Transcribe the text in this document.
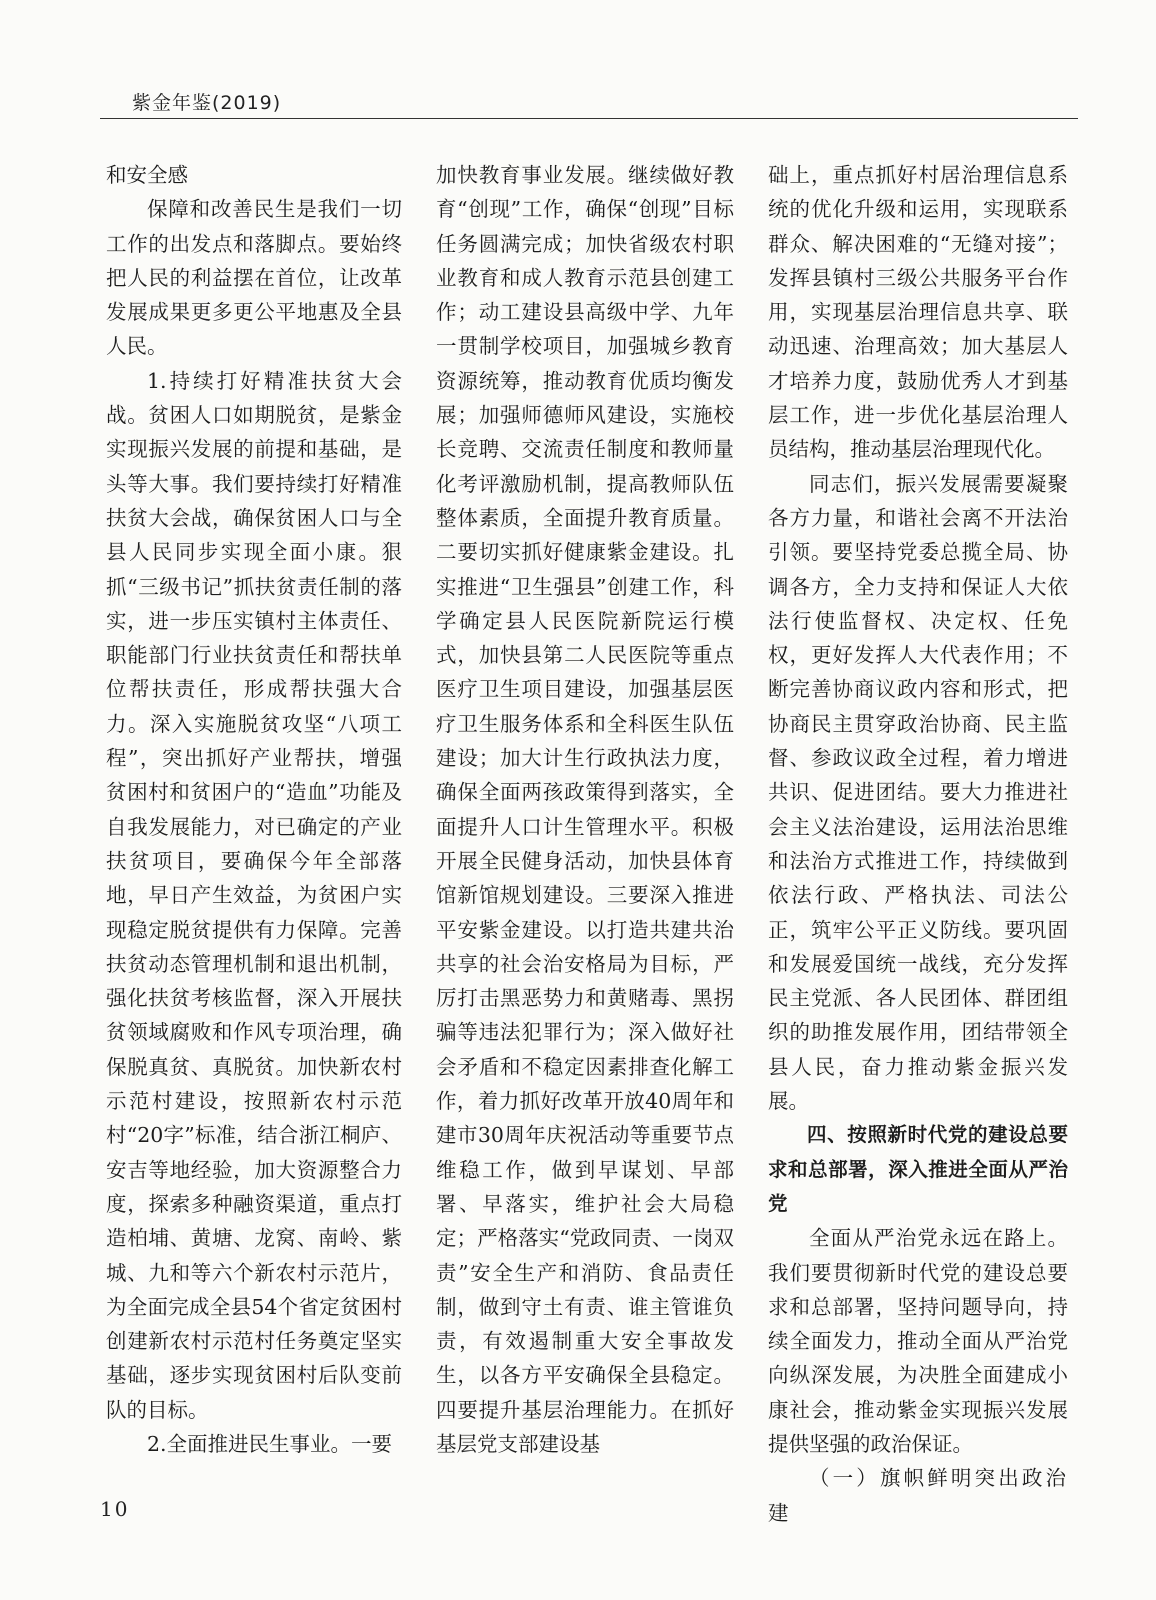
紫金年鉴(2019)

和安全感

保障和改善民生是我们一切工作的出发点和落脚点。要始终把人民的利益摆在首位，让改革发展成果更多更公平地惠及全县人民。

1.持续打好精准扶贫大会战。贫困人口如期脱贫，是紫金实现振兴发展的前提和基础，是头等大事。我们要持续打好精准扶贫大会战，确保贫困人口与全县人民同步实现全面小康。狠抓“三级书记”抓扶贫责任制的落实，进一步压实镇村主体责任、职能部门行业扶贫责任和帮扶单位帮扶责任，形成帮扶强大合力。深入实施脱贫攻坚“八项工程”，突出抓好产业帮扶，增强贫困村和贫困户的“造血”功能及自我发展能力，对已确定的产业扶贫项目，要确保今年全部落地，早日产生效益，为贫困户实现稳定脱贫提供有力保障。完善扶贫动态管理机制和退出机制，强化扶贫考核监督，深入开展扶贫领域腐败和作风专项治理，确保脱真贫、真脱贫。加快新农村示范村建设，按照新农村示范村“20字”标准，结合浙江桐庐、安吉等地经验，加大资源整合力度，探索多种融资渠道，重点打造柏埔、黄塘、龙窝、南岭、紫城、九和等六个新农村示范片，为全面完成全县54个省定贫困村创建新农村示范村任务奠定坚实基础，逐步实现贫困村后队变前队的目标。

2.全面推进民生事业。一要

加快教育事业发展。继续做好教育“创现”工作，确保“创现”目标任务圆满完成；加快省级农村职业教育和成人教育示范县创建工作；动工建设县高级中学、九年一贯制学校项目，加强城乡教育资源统筹，推动教育优质均衡发展；加强师德师风建设，实施校长竞聘、交流责任制度和教师量化考评激励机制，提高教师队伍整体素质，全面提升教育质量。二要切实抓好健康紫金建设。扎实推进“卫生强县”创建工作，科学确定县人民医院新院运行模式，加快县第二人民医院等重点医疗卫生项目建设，加强基层医疗卫生服务体系和全科医生队伍建设；加大计生行政执法力度，确保全面两孩政策得到落实，全面提升人口计生管理水平。积极开展全民健身活动，加快县体育馆新馆规划建设。三要深入推进平安紫金建设。以打造共建共治共享的社会治安格局为目标，严厉打击黑恶势力和黄赌毒、黑拐骗等违法犯罪行为；深入做好社会矛盾和不稳定因素排查化解工作，着力抓好改革开放40周年和建市30周年庆祝活动等重要节点维稳工作，做到早谋划、早部署、早落实，维护社会大局稳定；严格落实“党政同责、一岗双责”安全生产和消防、食品责任制，做到守土有责、谁主管谁负责，有效遏制重大安全事故发生，以各方平安确保全县稳定。四要提升基层治理能力。在抓好基层党支部建设基

础上，重点抓好村居治理信息系统的优化升级和运用，实现联系群众、解决困难的“无缝对接”；发挥县镇村三级公共服务平台作用，实现基层治理信息共享、联动迅速、治理高效；加大基层人才培养力度，鼓励优秀人才到基层工作，进一步优化基层治理人员结构，推动基层治理现代化。

同志们，振兴发展需要凝聚各方力量，和谐社会离不开法治引领。要坚持党委总揽全局、协调各方，全力支持和保证人大依法行使监督权、决定权、任免权，更好发挥人大代表作用；不断完善协商议政内容和形式，把协商民主贯穿政治协商、民主监督、参政议政全过程，着力增进共识、促进团结。要大力推进社会主义法治建设，运用法治思维和法治方式推进工作，持续做到依法行政、严格执法、司法公正，筑牢公平正义防线。要巩固和发展爱国统一战线，充分发挥民主党派、各人民团体、群团组织的助推发展作用，团结带领全县人民，奋力推动紫金振兴发展。

四、按照新时代党的建设总要求和总部署，深入推进全面从严治党

全面从严治党永远在路上。我们要贯彻新时代党的建设总要求和总部署，坚持问题导向，持续全面发力，推动全面从严治党向纵深发展，为决胜全面建成小康社会，推动紫金实现振兴发展提供坚强的政治保证。

（一）旗帜鲜明突出政治建

10
